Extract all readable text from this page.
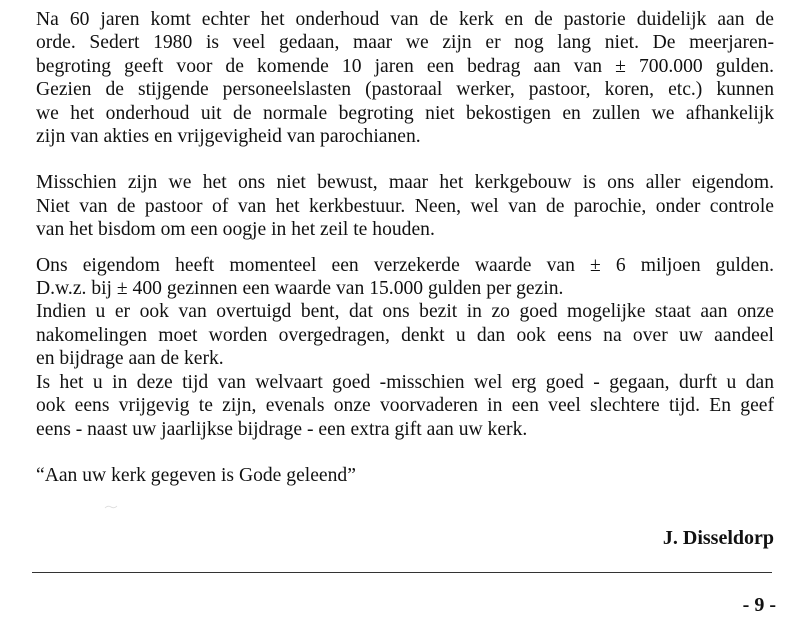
Na 60 jaren komt echter het onderhoud van de kerk en de pastorie duidelijk aan de
orde. Sedert 1980 is veel gedaan, maar we zijn er nog lang niet. De meerjaren-
begroting geeft voor de komende 10 jaren een bedrag aan van ± 700.000 gulden.
Gezien de stijgende personeelslasten (pastoraal werker, pastoor, koren, etc.) kunnen
we het onderhoud uit de normale begroting niet bekostigen en zullen we afhankelijk
zijn van akties en vrijgevigheid van parochianen.

Misschien zijn we het ons niet bewust, maar het kerkgebouw is ons aller eigendom.
Niet van de pastoor of van het kerkbestuur. Neen, wel van de parochie, onder controle
van het bisdom om een oogje in het zeil te houden.

Ons eigendom heeft momenteel een verzekerde waarde van ± 6 miljoen gulden.
D.w.z. bij ± 400 gezinnen een waarde van 15.000 gulden per gezin.

Indien u er ook van overtuigd bent, dat ons bezit in zo goed mogelijke staat aan onze
nakomelingen moet worden overgedragen, denkt u dan ook eens na over uw aandeel
en bijdrage aan de kerk.

Is het u in deze tijd van welvaart goed -misschien wel erg goed - gegaan, durft u dan
ook eens vrijgevig te zijn, evenals onze voorvaderen in een veel slechtere tijd. En geef
eens - naast uw jaarlijkse bijdrage - een extra gift aan uw kerk.

“Aan uw kerk gegeven is Gode geleend”

J. Disseldorp
- 9 -
